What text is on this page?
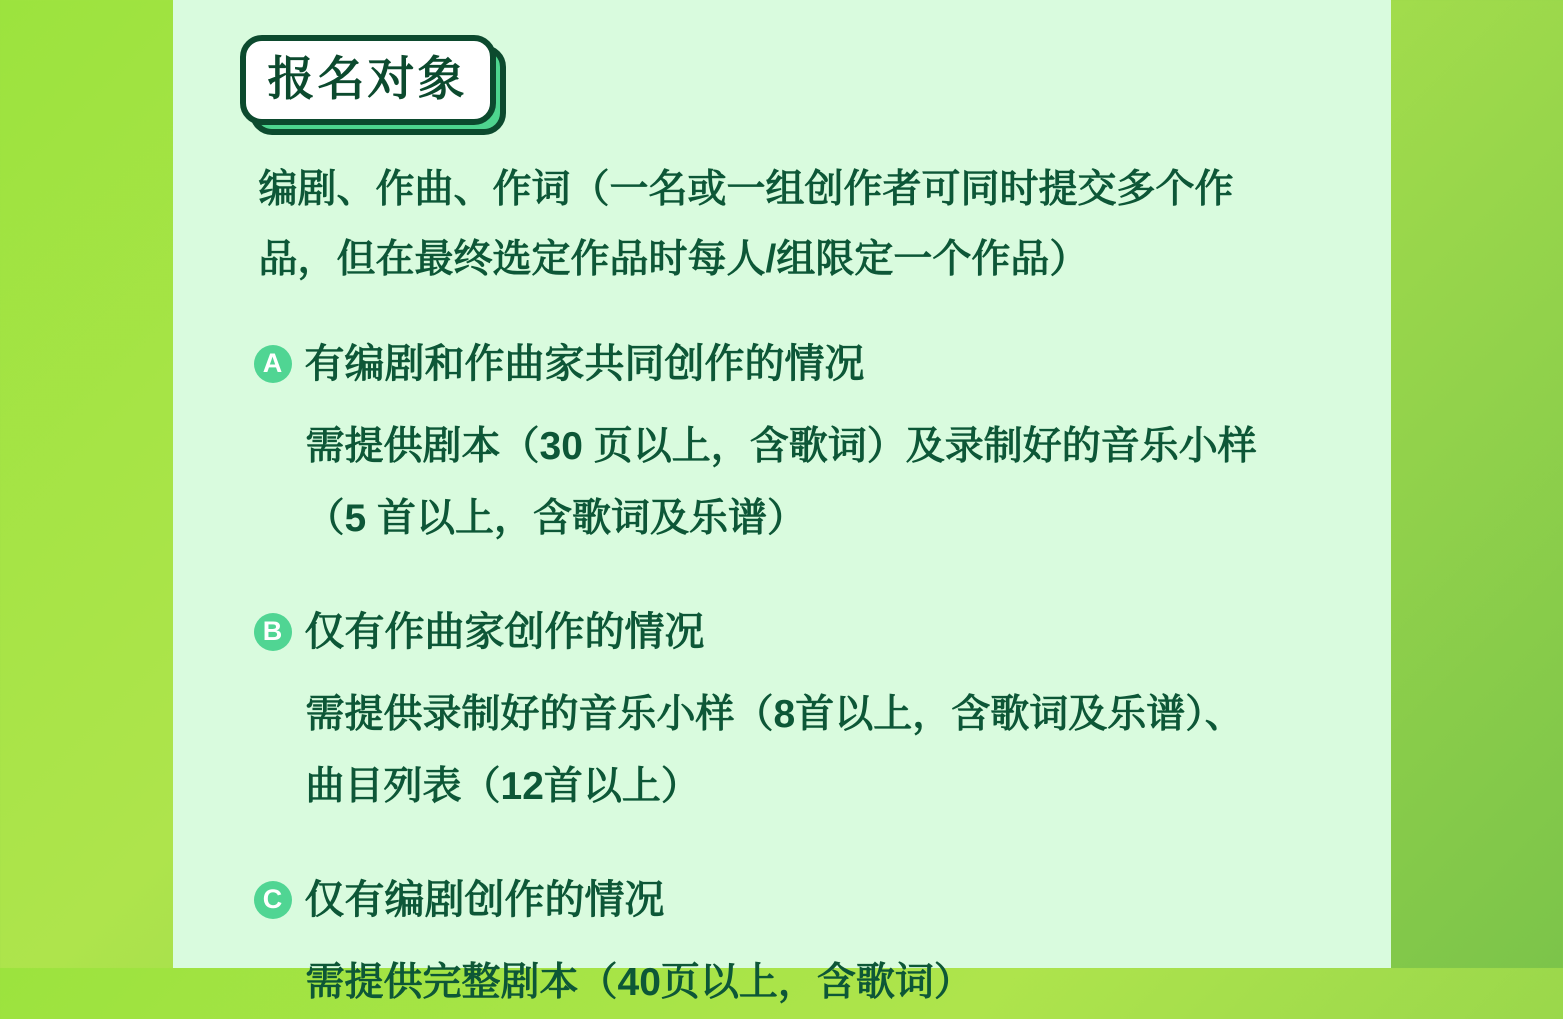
报名对象
编剧、作曲、作词（一名或一组创作者可同时提交多个作
品，但在最终选定作品时每人/组限定一个作品）
A 有编剧和作曲家共同创作的情况

需提供剧本（30 页以上，含歌词）及录制好的音乐小样

（5 首以上，含歌词及乐谱）

B 仅有作曲家创作的情况

需提供录制好的音乐小样（8首以上，含歌词及乐谱）、

曲目列表（12首以上）

C 仅有编剧创作的情况

需提供完整剧本（40页以上，含歌词）
